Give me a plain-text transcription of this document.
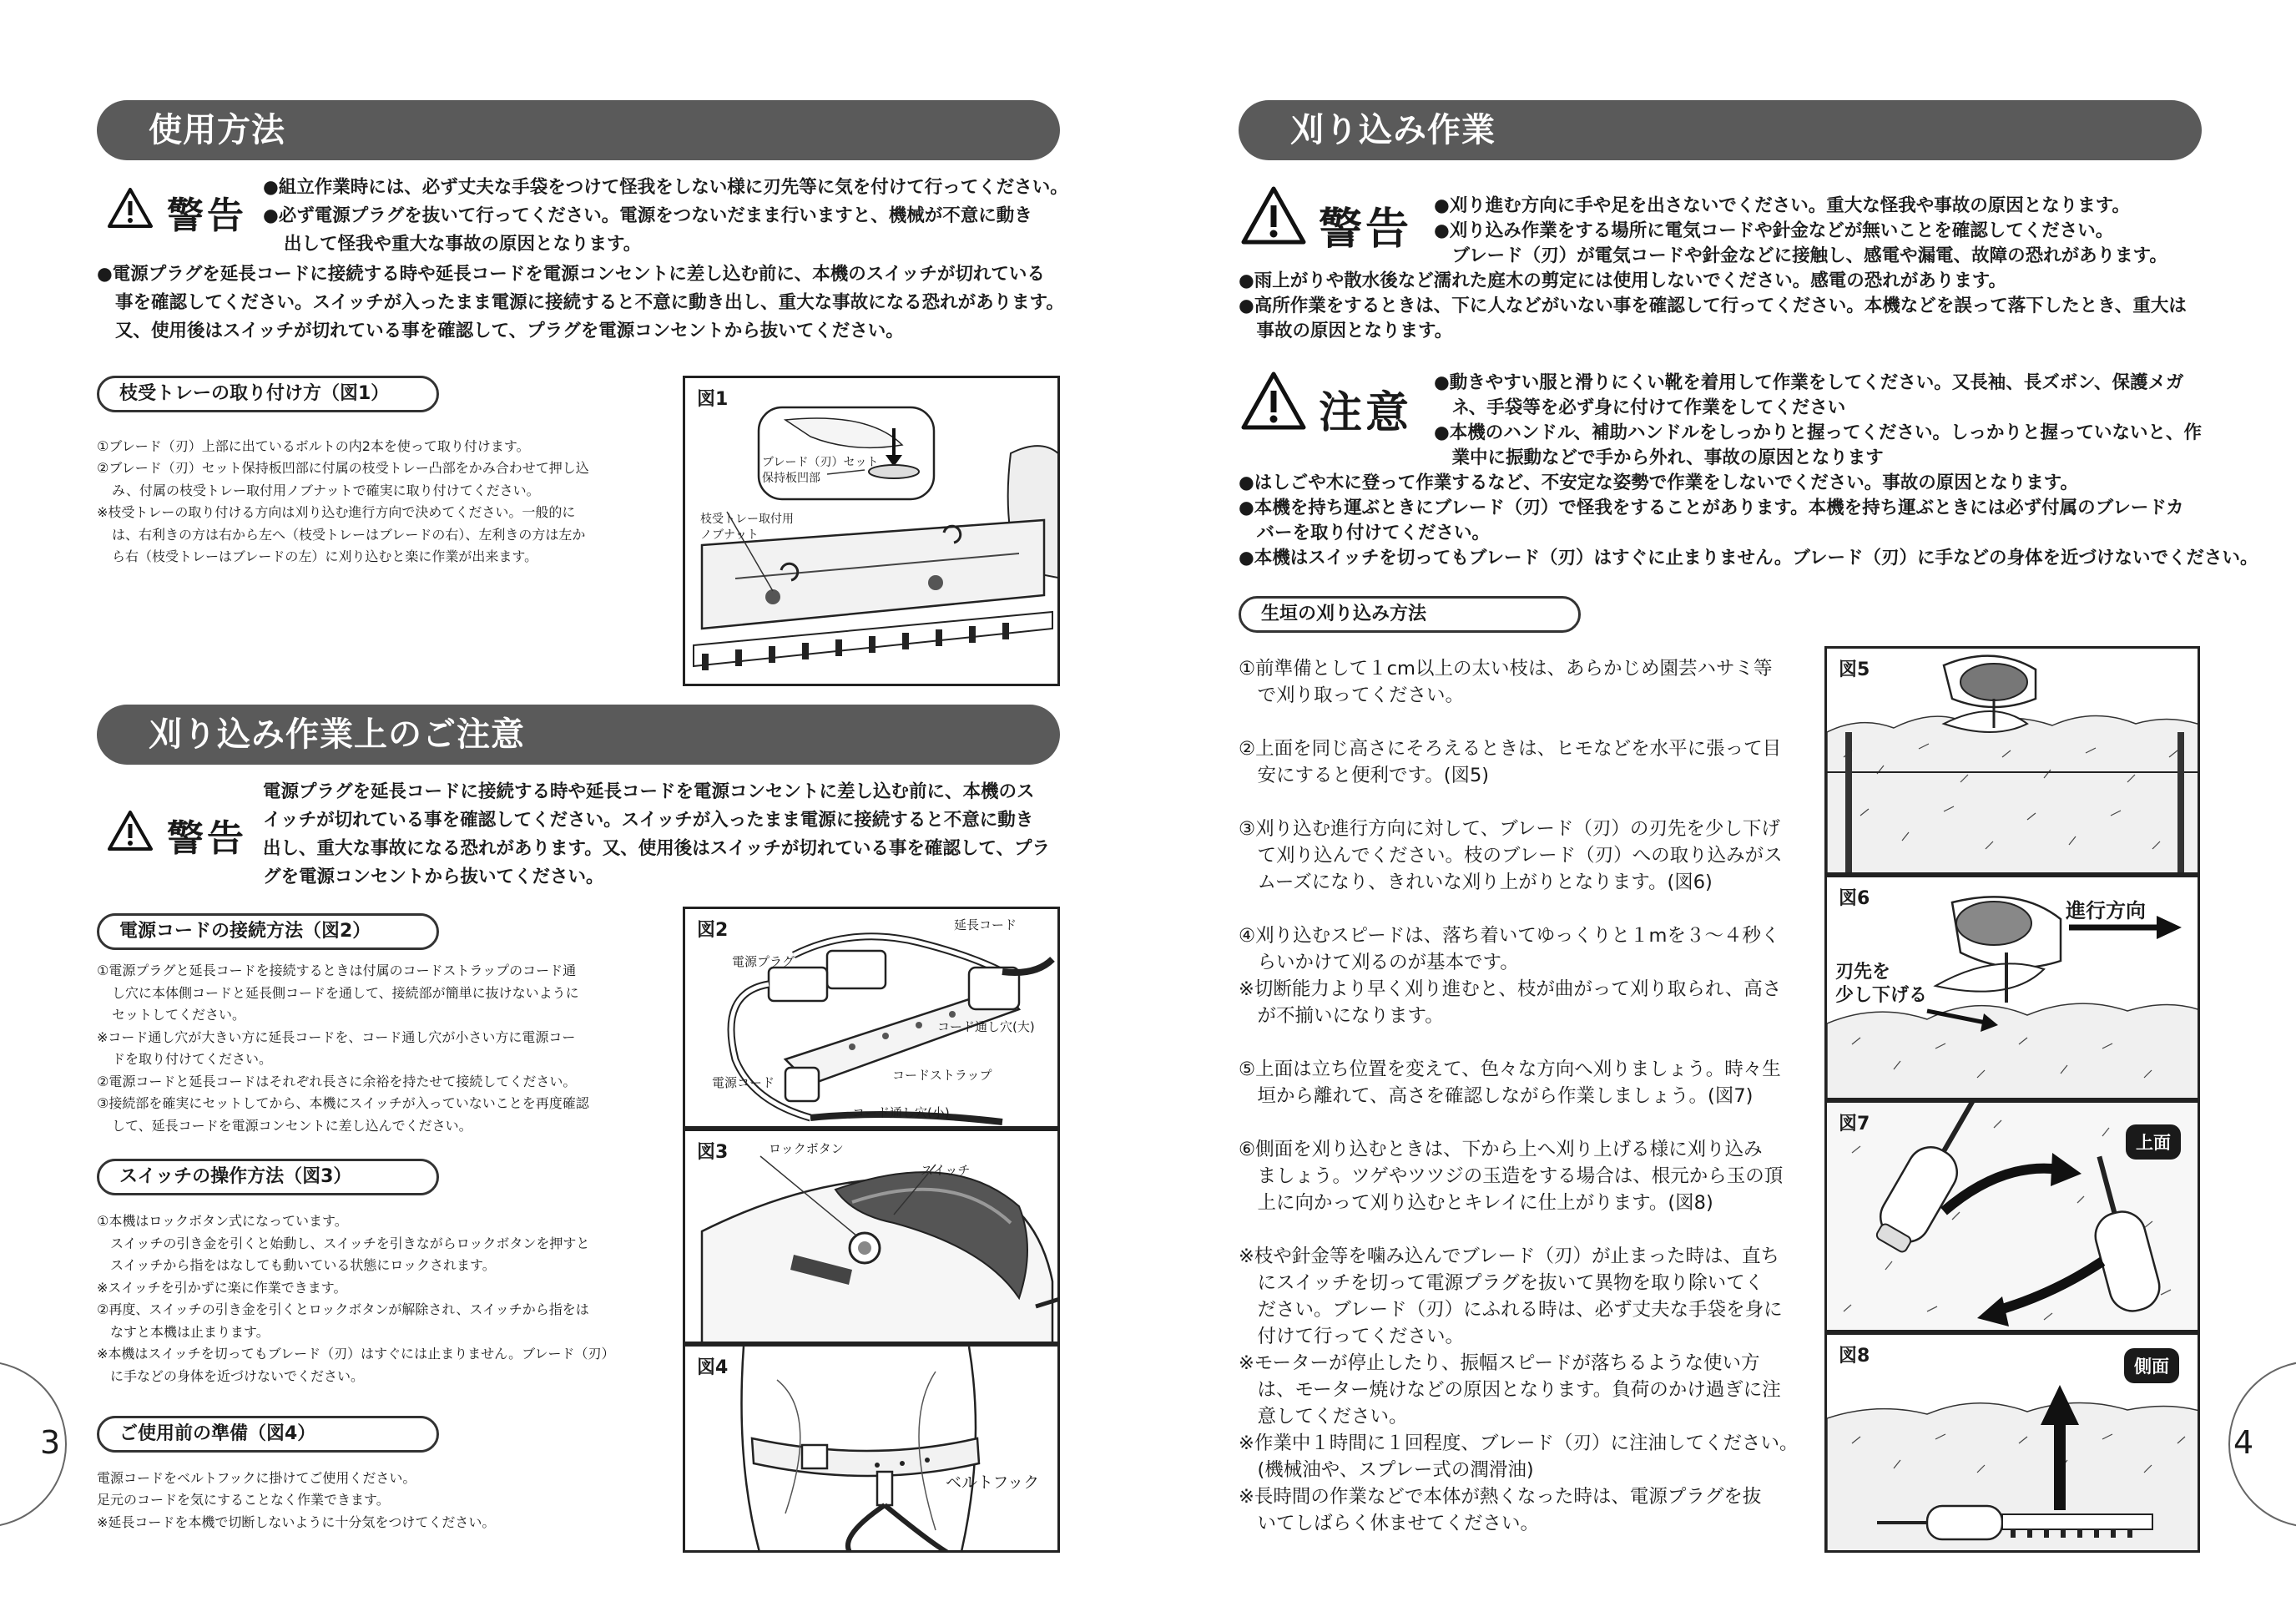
使用方法
警告
●組立作業時には、必ず丈夫な手袋をつけて怪我をしない様に刃先等に気を付けて行ってください。
●必ず電源プラグを抜いて行ってください。電源をつないだまま行いますと、機械が不意に動き
出して怪我や重大な事故の原因となります。
●電源プラグを延長コードに接続する時や延長コードを電源コンセントに差し込む前に、本機のスイッチが切れている
事を確認してください。スイッチが入ったまま電源に接続すると不意に動き出し、重大な事故になる恐れがあります。
又、使用後はスイッチが切れている事を確認して、プラグを電源コンセントから抜いてください。
枝受トレーの取り付け方（図1）
①ブレード（刃）上部に出ているボルトの内2本を使って取り付けます。
②ブレード（刃）セット保持板凹部に付属の枝受トレー凸部をかみ合わせて押し込
み、付属の枝受トレー取付用ノブナットで確実に取り付けてください。
※枝受トレーの取り付ける方向は刈り込む進行方向で決めてください。一般的に
は、右利きの方は右から左へ（枝受トレーはブレードの右）、左利きの方は左か
ら右（枝受トレーはブレードの左）に刈り込むと楽に作業が出来ます。
図1
ブレード（刃）セット
保持板凹部
枝受トレー取付用
ノブナット
刈り込み作業上のご注意
警告
電源プラグを延長コードに接続する時や延長コードを電源コンセントに差し込む前に、本機のス
イッチが切れている事を確認してください。スイッチが入ったまま電源に接続すると不意に動き
出し、重大な事故になる恐れがあります。又、使用後はスイッチが切れている事を確認して、プラ
グを電源コンセントから抜いてください。
電源コードの接続方法（図2）
①電源プラグと延長コードを接続するときは付属のコードストラップのコード通
し穴に本体側コードと延長側コードを通して、接続部が簡単に抜けないように
セットしてください。
※コード通し穴が大きい方に延長コードを、コード通し穴が小さい方に電源コー
ドを取り付けてください。
②電源コードと延長コードはそれぞれ長さに余裕を持たせて接続してください。
③接続部を確実にセットしてから、本機にスイッチが入っていないことを再度確認
して、延長コードを電源コンセントに差し込んでください。
図2	延長コード
電源プラグ
コード通し穴(大)
コードストラップ
電源コード
コード通し穴(小)
スイッチの操作方法（図3）
①本機はロックボタン式になっています。
　スイッチの引き金を引くと始動し、スイッチを引きながらロックボタンを押すと
　スイッチから指をはなしても動いている状態にロックされます。
※スイッチを引かずに楽に作業できます。
②再度、スイッチの引き金を引くとロックボタンが解除され、スイッチから指をは
　なすと本機は止まります。
※本機はスイッチを切ってもブレード（刃）はすぐには止まりません。ブレード（刃）
　に手などの身体を近づけないでください。
図3	ロックボタン
スイッチ
ご使用前の準備（図4）
電源コードをベルトフックに掛けてご使用ください。
足元のコードを気にすることなく作業できます。
※延長コードを本機で切断しないように十分気をつけてください。
図4
ベルトフック
3
刈り込み作業
警告 ●刈り進む方向に手や足を出さないでください。重大な怪我や事故の原因となります。
●刈り込み作業をする場所に電気コードや針金などが無いことを確認してください。
　ブレード（刃）が電気コードや針金などに接触し、感電や漏電、故障の恐れがあります。
●雨上がりや散水後など濡れた庭木の剪定には使用しないでください。感電の恐れがあります。
●高所作業をするときは、下に人などがいない事を確認して行ってください。本機などを誤って落下したとき、重大は
　事故の原因となります。
注意
●動きやすい服と滑りにくい靴を着用して作業をしてください。又長袖、長ズボン、保護メガ
　ネ、手袋等を必ず身に付けて作業をしてください
●本機のハンドル、補助ハンドルをしっかりと握ってください。しっかりと握っていないと、作
　業中に振動などで手から外れ、事故の原因となります
●はしごや木に登って作業するなど、不安定な姿勢で作業をしないでください。事故の原因となります。
●本機を持ち運ぶときにブレード（刃）で怪我をすることがあります。本機を持ち運ぶときには必ず付属のブレードカ
　バーを取り付けてください。
●本機はスイッチを切ってもブレード（刃）はすぐに止まりません。ブレード（刃）に手などの身体を近づけないでください。
生垣の刈り込み方法
①前準備として１cm以上の太い枝は、あらかじめ園芸ハサミ等
　で刈り取ってください。
②上面を同じ高さにそろえるときは、ヒモなどを水平に張って目
　安にすると便利です。(図5)
③刈り込む進行方向に対して、ブレード（刃）の刃先を少し下げ
　て刈り込んでください。枝のブレード（刃）への取り込みがス
　ムーズになり、きれいな刈り上がりとなります。(図6)
④刈り込むスピードは、落ち着いてゆっくりと１mを３〜４秒く
　らいかけて刈るのが基本です。
※切断能力より早く刈り進むと、枝が曲がって刈り取られ、高さ
　が不揃いになります。
⑤上面は立ち位置を変えて、色々な方向へ刈りましょう。時々生
　垣から離れて、高さを確認しながら作業しましょう。(図7)
⑥側面を刈り込むときは、下から上へ刈り上げる様に刈り込み
　ましょう。ツゲやツツジの玉造をする場合は、根元から玉の頂
　上に向かって刈り込むとキレイに仕上がります。(図8)
※枝や針金等を噛み込んでブレード（刃）が止まった時は、直ち
　にスイッチを切って電源プラグを抜いて異物を取り除いてく
　ださい。ブレード（刃）にふれる時は、必ず丈夫な手袋を身に
　付けて行ってください。
※モーターが停止したり、振幅スピードが落ちるような使い方
　は、モーター焼けなどの原因となります。負荷のかけ過ぎに注
　意してください。
※作業中１時間に１回程度、ブレード（刃）に注油してください。
　(機械油や、スプレー式の潤滑油)
※長時間の作業などで本体が熱くなった時は、電源プラグを抜
　いてしばらく休ませてください。
図5
図6
進行方向
刃先を
少し下げる
図7
上面
図8	側面
4
